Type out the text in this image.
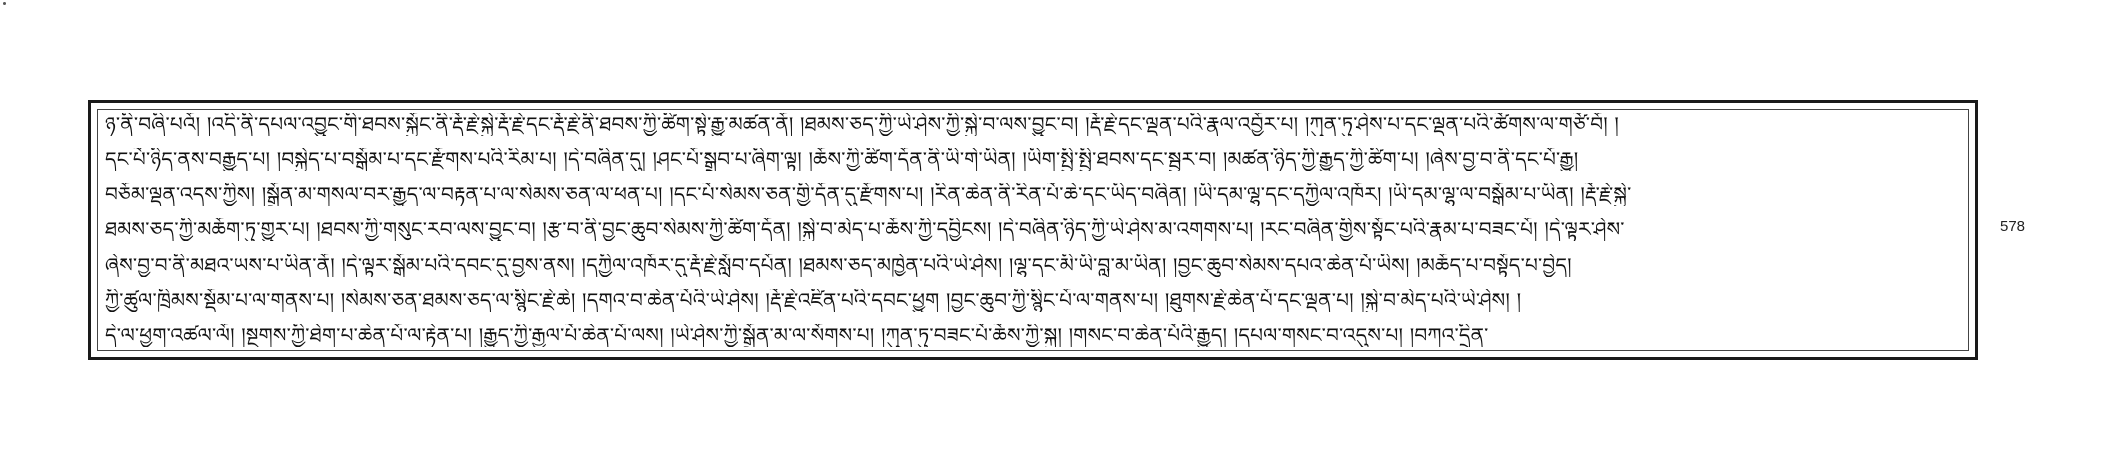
ཉ་ནི་བཞི་པའོ། །འདི་ནི་དཔལ་འབྱུང་གི་ཐབས་སྐྱོང་ནི་རྡོ་རྗེ་སྐྱེ་རྡོ་རྗེ་དང་རྡོ་རྗེ་ནི་ཐབས་ཀྱི་ཚིག་སྟེ་རྒྱུ་མཚན་ནོ། །ཐམས་ཅད་ཀྱི་ཡེ་ཤེས་ཀྱི་སྐྱེ་བ་ལས་བྱུང་བ། །རྡོ་རྗེ་དང་ལྡན་པའི་རྣལ་འབྱོར་པ། །ཀུན་ཏུ་ཤེས་པ་དང་ལྡན་པའི་ཚོགས་ལ་གཙོ་བོ། །
དང་པོ་ཉིད་ནས་བརྒྱུད་པ། །བསྐྱེད་པ་བསྒོམ་པ་དང་རྫོགས་པའི་རིམ་པ། །དེ་བཞིན་དུ། །ཤང་པོ་སྒྲུབ་པ་ཞིག་ལྟ། །ཆོས་ཀྱི་ཚིག་དོན་ནི་ཡི་གེ་ཡིན། །ཡིག་སྤྱི་སྤྱི་ཐབས་དང་སྦྱར་བ། །མཚན་ཉིད་ཀྱི་རྒྱུད་ཀྱི་ཚིག་པ། །ཞེས་བྱ་བ་ནི་དང་པོ་རྒྱུ།
བཅོམ་ལྡན་འདས་ཀྱིས། །སྒྲོན་མ་གསལ་བར་རྒྱུད་ལ་བརྟན་པ་ལ་སེམས་ཅན་ལ་ཕན་པ། །དང་པོ་སེམས་ཅན་གྱི་དོན་དུ་རྫོགས་པ། །རིན་ཆེན་ནི་རིན་པོ་ཆེ་དང་ཡིད་བཞིན། །ཡི་དམ་ལྷ་དང་དཀྱིལ་འཁོར། །ཡི་དམ་ལྷ་ལ་བསྒོམ་པ་ཡིན། །རྡོ་རྗེ་སྐྱེ་
ཐམས་ཅད་ཀྱི་མཆོག་ཏུ་གྱུར་པ། །ཐབས་ཀྱི་གསུང་རབ་ལས་བྱུང་བ། །རྩ་བ་ནི་བྱང་ཆུབ་སེམས་ཀྱི་ཚིག་དོན། །སྐྱེ་བ་མེད་པ་ཆོས་ཀྱི་དབྱིངས། །དེ་བཞིན་ཉིད་ཀྱི་ཡེ་ཤེས་མ་འགགས་པ། །རང་བཞིན་གྱིས་སྟོང་པའི་རྣམ་པ་བཟང་པོ། །དེ་ལྟར་ཤེས་
ཞེས་བྱ་བ་ནི་མཐའ་ཡས་པ་ཡིན་ནོ། །དེ་ལྟར་སྒོམ་པའི་དབང་དུ་བྱས་ནས། །དཀྱིལ་འཁོར་དུ་རྡོ་རྗེ་སློབ་དཔོན། །ཐམས་ཅད་མཁྱེན་པའི་ཡེ་ཤེས། །ལྷ་དང་མི་ཡི་བླ་མ་ཡིན། །བྱང་ཆུབ་སེམས་དཔའ་ཆེན་པོ་ཡིས། །མཆོད་པ་བསྟོད་པ་བྱེད།
ཀྱི་ཚུལ་ཁྲིམས་སྡོམ་པ་ལ་གནས་པ། །སེམས་ཅན་ཐམས་ཅད་ལ་སྙིང་རྗེ་ཆེ། །དགའ་བ་ཆེན་པོའི་ཡེ་ཤེས། །རྡོ་རྗེ་འཛིན་པའི་དབང་ཕྱུག །བྱང་ཆུབ་ཀྱི་སྙིང་པོ་ལ་གནས་པ། །ཐུགས་རྗེ་ཆེན་པོ་དང་ལྡན་པ། །སྐྱེ་བ་མེད་པའི་ཡེ་ཤེས། །
དེ་ལ་ཕྱག་འཚལ་ལོ། །སྔགས་ཀྱི་ཐེག་པ་ཆེན་པོ་ལ་རྟེན་པ། །རྒྱུད་ཀྱི་རྒྱལ་པོ་ཆེན་པོ་ལས། །ཡེ་ཤེས་ཀྱི་སྒྲོན་མ་ལ་སོགས་པ། །ཀུན་ཏུ་བཟང་པོ་ཆོས་ཀྱི་སྐུ། །གསང་བ་ཆེན་པོའི་རྒྱུད། །དཔལ་གསང་བ་འདུས་པ། །བཀའ་དྲིན་
578
